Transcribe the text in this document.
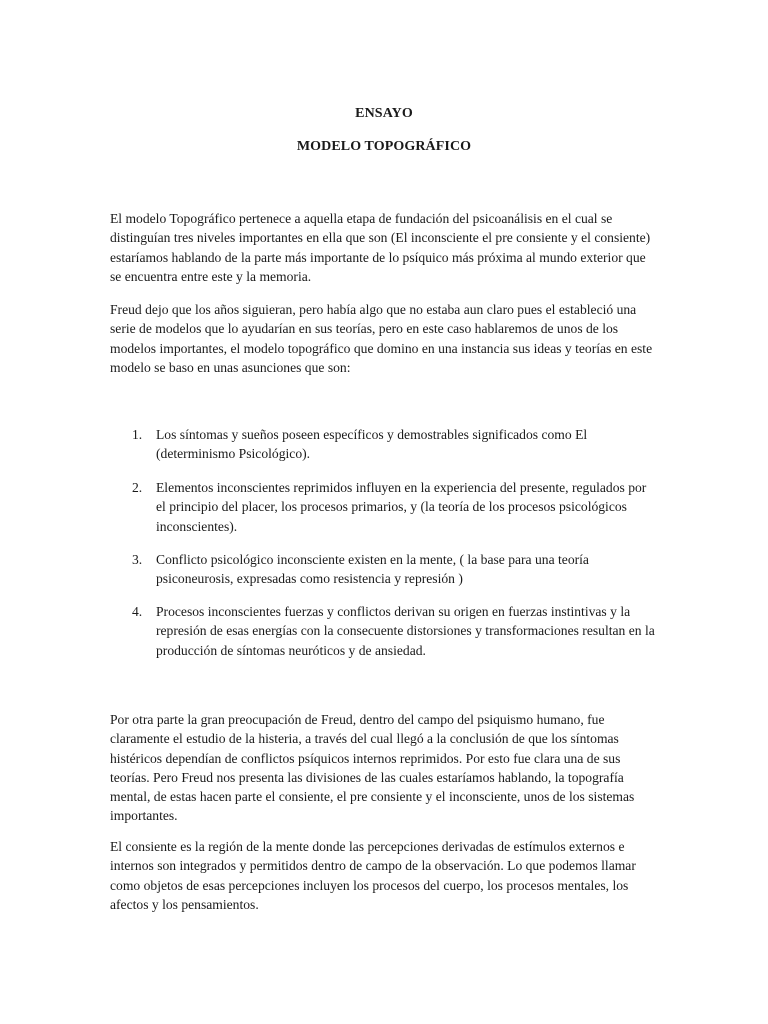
ENSAYO
MODELO TOPOGRÁFICO

El modelo Topográfico pertenece a aquella etapa de fundación del psicoanálisis en el cual se distinguían tres niveles importantes en ella que son (El inconsciente el pre consiente y el consiente) estaríamos hablando de la parte más importante de lo psíquico más próxima al mundo exterior que se encuentra entre este y la memoria.

Freud dejo que los años siguieran, pero había algo que no estaba aun claro pues el estableció una serie de modelos que lo ayudarían en sus teorías, pero en este caso hablaremos de unos de los modelos importantes, el modelo topográfico que domino en una instancia sus ideas y teorías en este modelo se baso en unas asunciones que son:

1.	Los síntomas y sueños poseen específicos y demostrables significados como El (determinismo Psicológico).
2.	Elementos inconscientes reprimidos influyen en la experiencia del presente, regulados por el principio del placer, los procesos primarios, y (la teoría de los procesos psicológicos inconscientes).
3.	Conflicto psicológico inconsciente existen en la mente, ( la base para una teoría psiconeurosis, expresadas como resistencia y represión )
4.	Procesos inconscientes fuerzas y conflictos derivan su origen en fuerzas instintivas y la represión de esas energías con la consecuente distorsiones y transformaciones resultan en la producción de síntomas neuróticos y de ansiedad.

Por otra parte la gran preocupación de Freud, dentro del campo del psiquismo humano, fue claramente el estudio de la histeria, a través del cual llegó a la conclusión de que los síntomas histéricos dependían de conflictos psíquicos internos reprimidos. Por esto fue clara una de sus teorías. Pero Freud nos presenta las divisiones de las cuales estaríamos hablando, la topografía mental, de estas hacen parte el consiente, el pre consiente y el inconsciente, unos de los sistemas importantes.

El consiente es la región de la mente donde las percepciones derivadas de estímulos externos e internos son integrados y permitidos dentro de campo de la observación. Lo que podemos llamar como objetos de esas percepciones incluyen los procesos del cuerpo, los procesos mentales, los afectos y los pensamientos.
